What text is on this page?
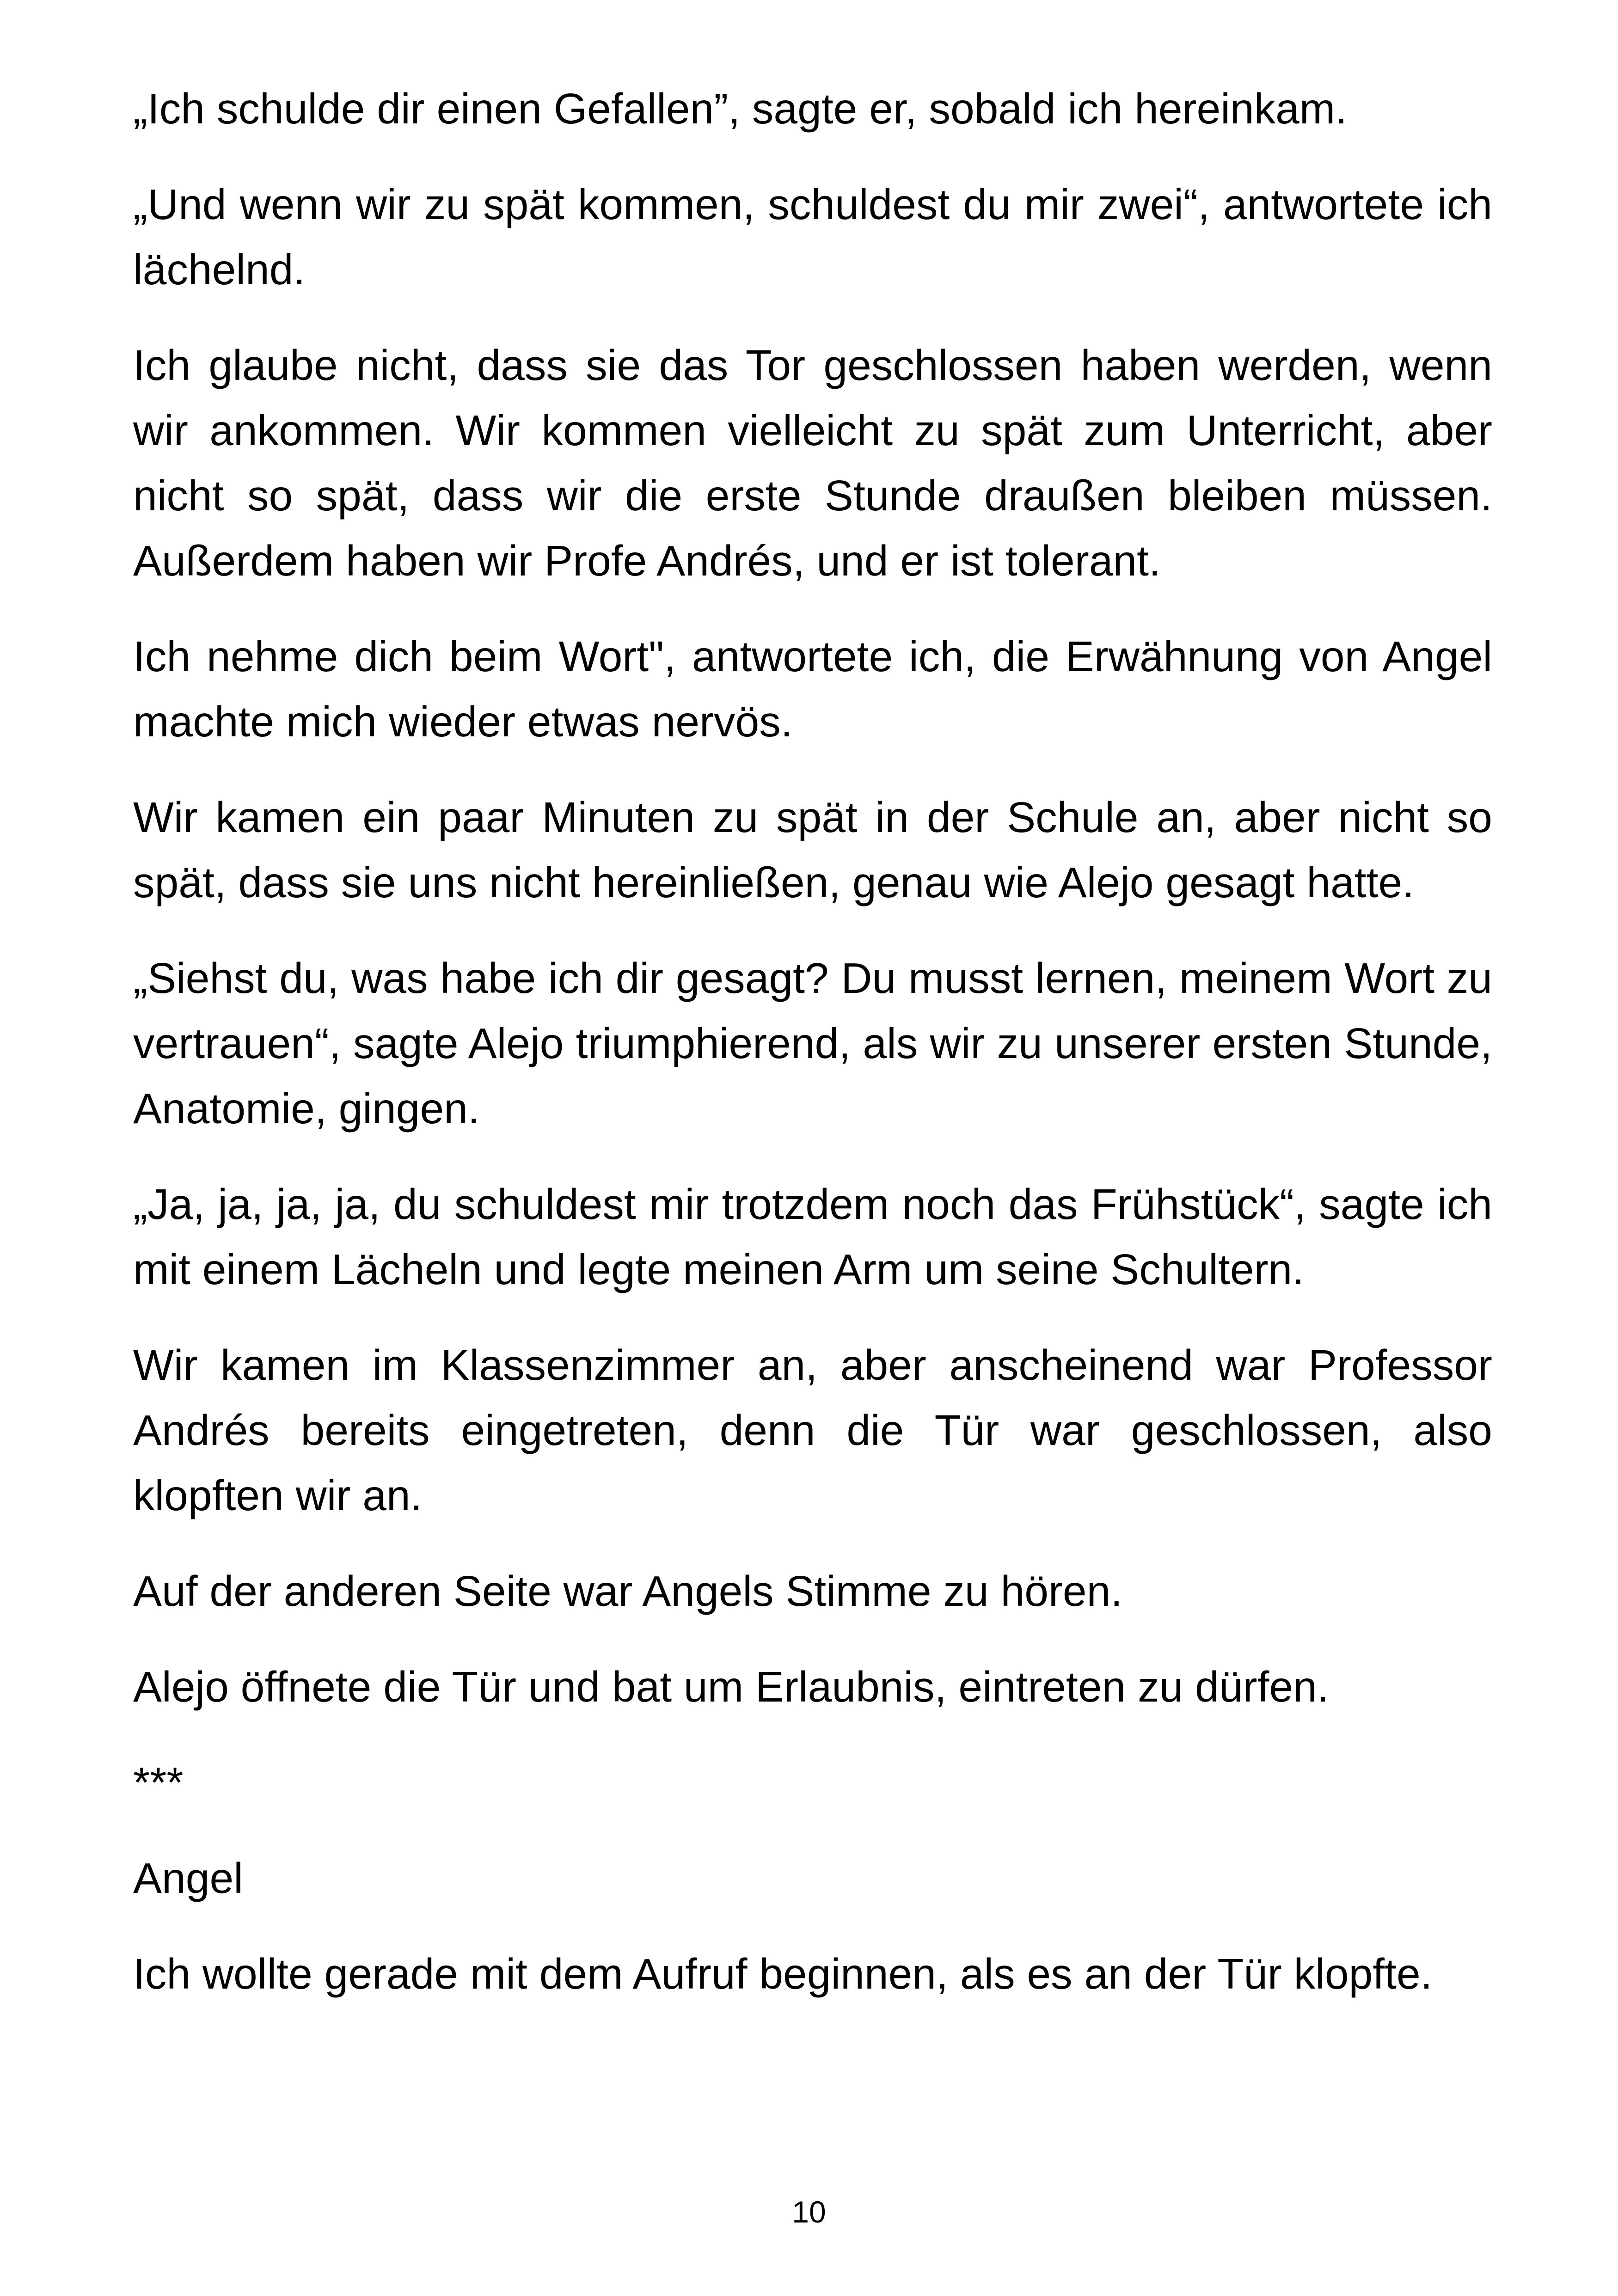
„Ich schulde dir einen Gefallen”, sagte er, sobald ich hereinkam.

„Und wenn wir zu spät kommen, schuldest du mir zwei“, antwortete ich lächelnd.

Ich glaube nicht, dass sie das Tor geschlossen haben werden, wenn wir ankommen. Wir kommen vielleicht zu spät zum Unterricht, aber nicht so spät, dass wir die erste Stunde draußen bleiben müssen. Außerdem haben wir Profe Andrés, und er ist tolerant.

Ich nehme dich beim Wort", antwortete ich, die Erwähnung von Angel machte mich wieder etwas nervös.

Wir kamen ein paar Minuten zu spät in der Schule an, aber nicht so spät, dass sie uns nicht hereinließen, genau wie Alejo gesagt hatte.

„Siehst du, was habe ich dir gesagt? Du musst lernen, meinem Wort zu vertrauen“, sagte Alejo triumphierend, als wir zu unserer ersten Stunde, Anatomie, gingen.

„Ja, ja, ja, ja, du schuldest mir trotzdem noch das Frühstück“, sagte ich mit einem Lächeln und legte meinen Arm um seine Schultern.

Wir kamen im Klassenzimmer an, aber anscheinend war Professor Andrés bereits eingetreten, denn die Tür war geschlossen, also klopften wir an.

Auf der anderen Seite war Angels Stimme zu hören.

Alejo öffnete die Tür und bat um Erlaubnis, eintreten zu dürfen.

***

Angel

Ich wollte gerade mit dem Aufruf beginnen, als es an der Tür klopfte.

10
